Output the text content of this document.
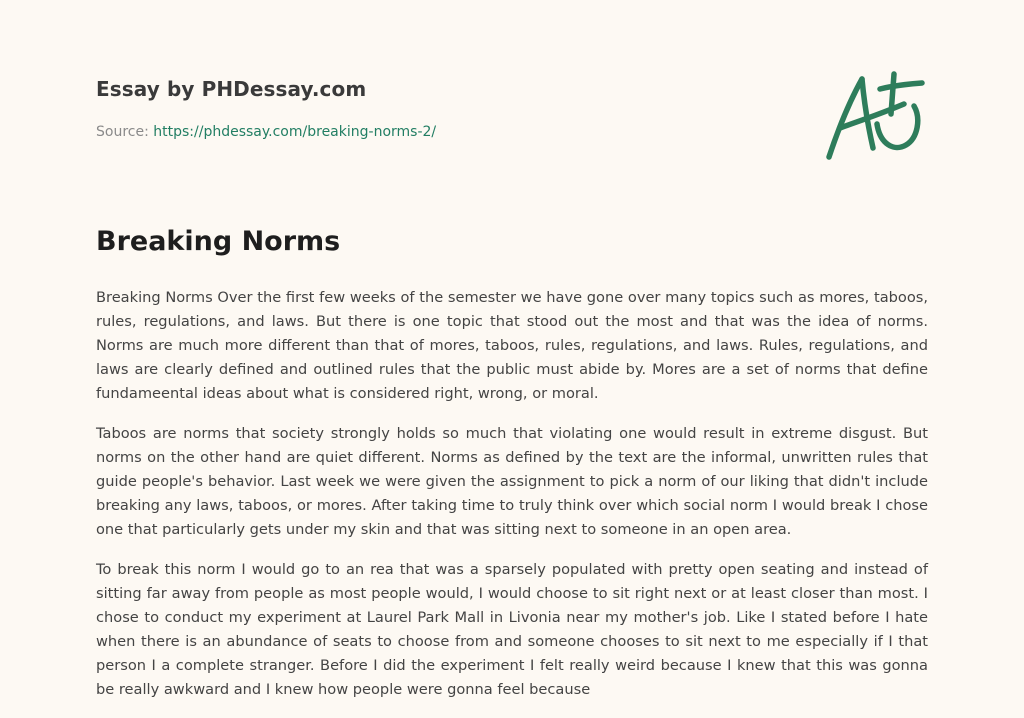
Essay by PHDessay.com
Source: https://phdessay.com/breaking-norms-2/
Breaking Norms

Breaking Norms Over the first few weeks of the semester we have gone over many topics such as mores, taboos, rules, regulations, and laws. But there is one topic that stood out the most and that was the idea of norms. Norms are much more different than that of mores, taboos, rules, regulations, and laws. Rules, regulations, and laws are clearly defined and outlined rules that the public must abide by. Mores are a set of norms that define fundameental ideas about what is considered right, wrong, or moral.

Taboos are norms that society strongly holds so much that violating one would result in extreme disgust. But norms on the other hand are quiet different. Norms as defined by the text are the informal, unwritten rules that guide people's behavior. Last week we were given the assignment to pick a norm of our liking that didn't include breaking any laws, taboos, or mores. After taking time to truly think over which social norm I would break I chose one that particularly gets under my skin and that was sitting next to someone in an open area.

To break this norm I would go to an rea that was a sparsely populated with pretty open seating and instead of sitting far away from people as most people would, I would choose to sit right next or at least closer than most. I chose to conduct my experiment at Laurel Park Mall in Livonia near my mother's job. Like I stated before I hate when there is an abundance of seats to choose from and someone chooses to sit next to me especially if I that person I a complete stranger. Before I did the experiment I felt really weird because I knew that this was gonna be really awkward and I knew how people were gonna feel because
